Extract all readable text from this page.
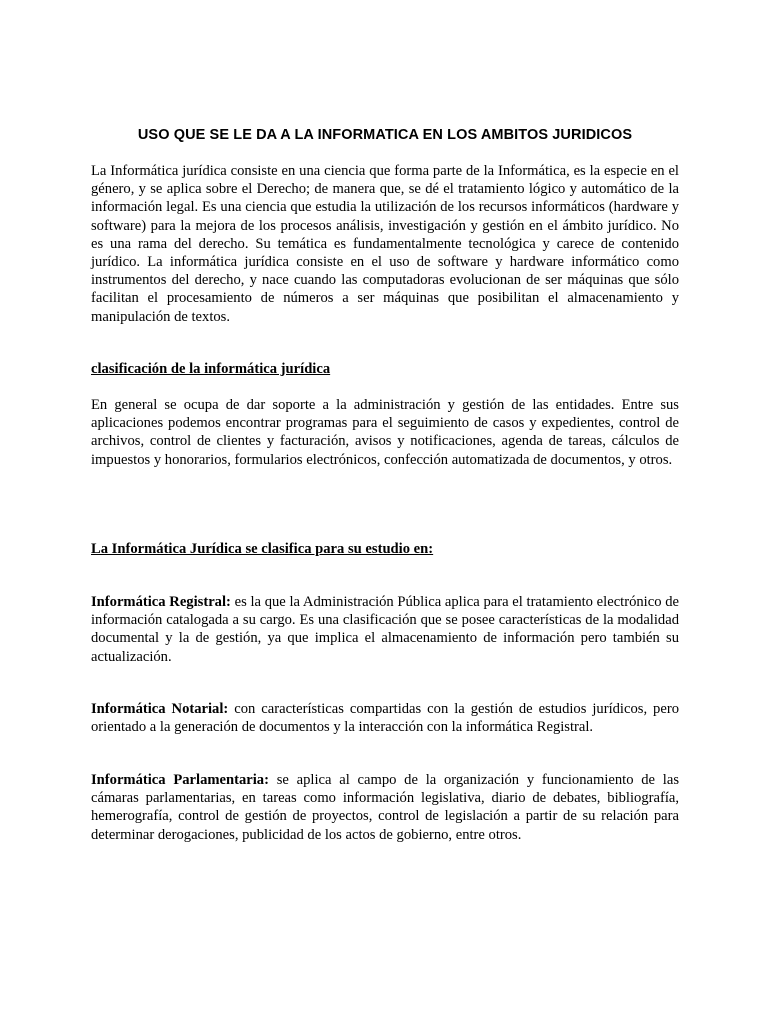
USO QUE SE LE DA A LA INFORMATICA EN LOS AMBITOS JURIDICOS

La Informática jurídica consiste en una ciencia que forma parte de la Informática, es la especie en el género, y se aplica sobre el Derecho; de manera que, se dé el tratamiento lógico y automático de la información legal. Es una ciencia que estudia la utilización de los recursos informáticos (hardware y software) para la mejora de los procesos análisis, investigación y gestión en el ámbito jurídico. No es una rama del derecho. Su temática es fundamentalmente tecnológica y carece de contenido jurídico. La informática jurídica consiste en el uso de software y hardware informático como instrumentos del derecho, y nace cuando las computadoras evolucionan de ser máquinas que sólo facilitan el procesamiento de números a ser máquinas que posibilitan el almacenamiento y manipulación de textos.

clasificación de la informática jurídica

En general se ocupa de dar soporte a la administración y gestión de las entidades. Entre sus aplicaciones podemos encontrar programas para el seguimiento de casos y expedientes, control de archivos, control de clientes y facturación, avisos y notificaciones, agenda de tareas, cálculos de impuestos y honorarios, formularios electrónicos, confección automatizada de documentos, y otros.

La Informática Jurídica se clasifica para su estudio en:

Informática Registral: es la que la Administración Pública aplica para el tratamiento electrónico de información catalogada a su cargo. Es una clasificación que se posee características de la modalidad documental y la de gestión, ya que implica el almacenamiento de información pero también su actualización.

Informática Notarial: con características compartidas con la gestión de estudios jurídicos, pero orientado a la generación de documentos y la interacción con la informática Registral.

Informática Parlamentaria: se aplica al campo de la organización y funcionamiento de las cámaras parlamentarias, en tareas como información legislativa, diario de debates, bibliografía, hemerografía, control de gestión de proyectos, control de legislación a partir de su relación para determinar derogaciones, publicidad de los actos de gobierno, entre otros.
